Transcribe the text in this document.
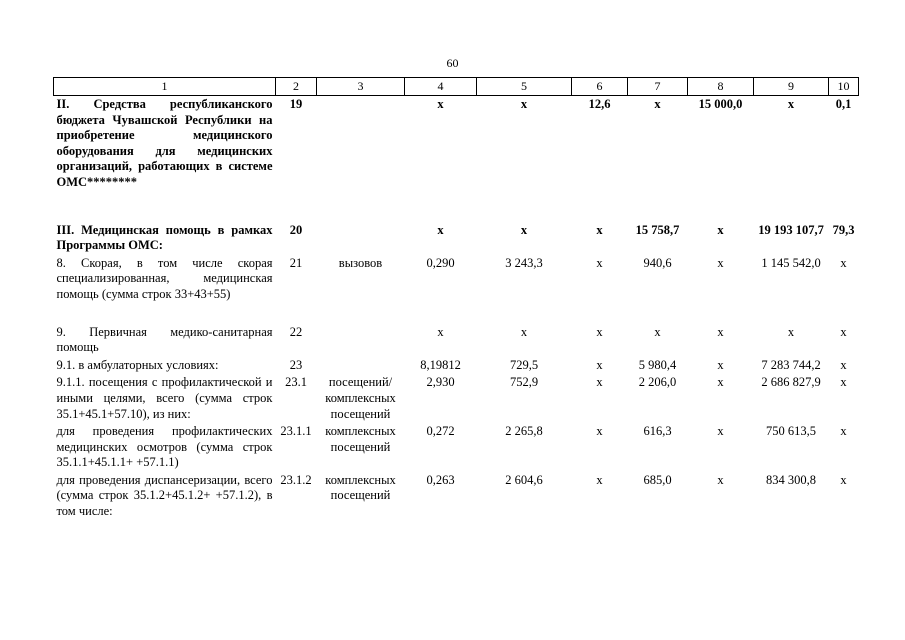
60
1	2	3	4	5	6	7	8	9	10
II. Средства республиканского бюджета Чувашской Республики на приобретение медицинского оборудования для медицинских организаций, работающих в системе ОМС********	19		х	х	12,6	х	15 000,0	х	0,1

III. Медицинская помощь в рамках Программы ОМС:	20		х	х	х	15 758,7	х	19 193 107,7	79,3
8. Скорая, в том числе скорая специализированная, медицинская помощь (сумма строк 33+43+55)	21	вызовов	0,290	3 243,3	х	940,6	х	1 145 542,0	х

9. Первичная медико-санитарная помощь	22		х	х	х	х	х	х	х
9.1. в амбулаторных условиях:	23		8,19812	729,5	х	5 980,4	х	7 283 744,2	х
9.1.1. посещения с профилактической и иными целями, всего (сумма строк 35.1+45.1+57.10), из них:	23.1	посещений/ комплексных посещений	2,930	752,9	х	2 206,0	х	2 686 827,9	х
для проведения профилактических медицинских осмотров (сумма строк 35.1.1+45.1.1+ +57.1.1)	23.1.1	комплексных посещений	0,272	2 265,8	х	616,3	х	750 613,5	х
для проведения диспансеризации, всего (сумма строк 35.1.2+45.1.2+ +57.1.2), в том числе:	23.1.2	комплексных посещений	0,263	2 604,6	х	685,0	х	834 300,8	х
